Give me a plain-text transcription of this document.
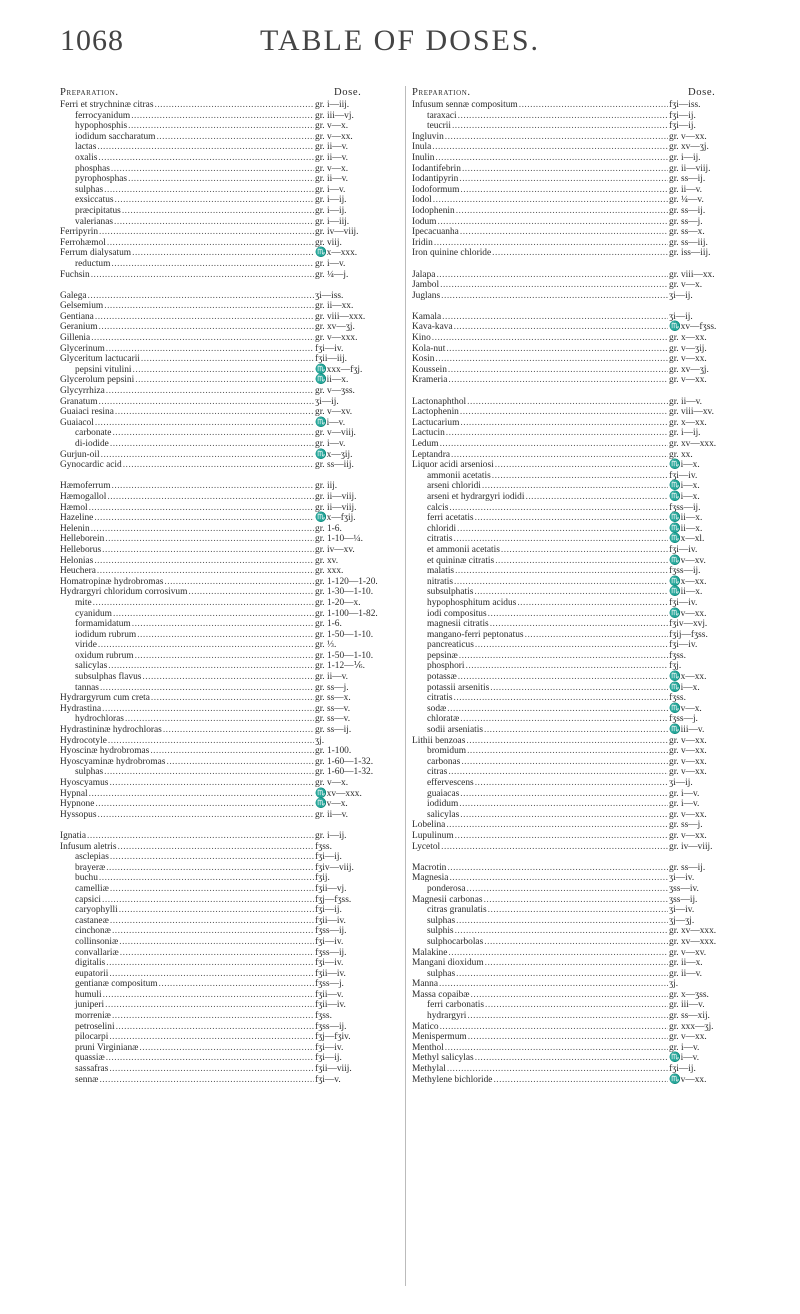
1068	TABLE OF DOSES.
Preparation.	Dose.
Ferri et strychninæ citras .....	gr. i—iij.
ferrocyanidum .....	gr. iii—vj.
hypophosphis .....	gr. v—x.
iodidum saccharatum .....	gr. v—xx.
lactas .....	gr. ii—v.
oxalis .....	gr. ii—v.
phosphas .....	gr. v—x.
pyrophosphas .....	gr. ii—v.
sulphas .....	gr. i—v.
exsiccatus .....	gr. i—ij.
præcipitatus .....	gr. i—ij.
valerianas .....	gr. i—iij.
Ferripyrin .....	gr. iv—viij.
Ferrohæmol .....	gr. viij.
Ferrum dialysatum .....	♏x—xxx.
reductum .....	gr. i—v.
Fuchsin .....	gr. ¼—j.
Galega .....	ʒi—iss.
Gelsemium .....	gr. ii—xx.
Gentiana .....	gr. viii—xxx.
Geranium .....	gr. xv—ʒj.
Gillenia .....	gr. v—xxx.
Glycerinum .....	fʒi—iv.
Glyceritum lactucarii .....	fʒii—iij.
pepsini vitulini .....	♏xxx—fʒj.
Glycerolum pepsini .....	♏ii—x.
Glycyrrhiza .....	gr. v—ʒss.
Granatum .....	ʒi—ij.
Guaiaci resina .....	gr. v—xv.
Guaiacol .....	♏i—v.
carbonate .....	gr. v—viij.
di-iodide .....	gr. i—v.
Gurjun-oil .....	♏x—ʒij.
Gynocardic acid .....	gr. ss—iij.
Hæmoferrum .....	gr. iij.
Hæmogallol .....	gr. ii—viij.
Hæmol .....	gr. ii—viij.
Hazeline .....	♏x—fʒij.
Helenin .....	gr. 1-6.
Helleborein .....	gr. 1-10—¼.
Helleborus .....	gr. iv—xv.
Helonias .....	gr. xv.
Heuchera .....	gr. xxx.
Homatropinæ hydrobromas .....	gr. 1-120—1-20.
Hydrargyri chloridum corrosivum .....	gr. 1-30—1-10.
mite .....	gr. 1-20—x.
cyanidum .....	gr. 1-100—1-82.
formamidatum .....	gr. 1-6.
iodidum rubrum .....	gr. 1-50—1-10.
viride .....	gr. ⅓.
oxidum rubrum .....	gr. 1-50—1-10.
salicylas .....	gr. 1-12—⅙.
subsulphas flavus .....	gr. ii—v.
tannas .....	gr. ss—j.
Hydrargyrum cum creta .....	gr. ss—x.
Hydrastina .....	gr. ss—v.
hydrochloras .....	gr. ss—v.
Hydrastininæ hydrochloras .....	gr. ss—ij.
Hydrocotyle .....	ʒj.
Hyoscinæ hydrobromas .....	gr. 1-100.
Hyoscyaminæ hydrobromas .....	gr. 1-60—1-32.
sulphas .....	gr. 1-60—1-32.
Hyoscyamus .....	gr. v—x.
Hypnal .....	♏xv—xxx.
Hypnone .....	♏v—x.
Hyssopus .....	gr. ii—v.
Ignatia .....	gr. i—ij.
Infusum aletris .....	fʒss.
asclepias .....	fʒi—ij.
brayeræ .....	fʒiv—viij.
buchu .....	fʒij.
camelliæ .....	fʒii—vj.
capsici .....	fʒj—fʒss.
caryophylli .....	fʒi—ij.
castaneæ .....	fʒii—iv.
cinchonæ .....	fʒss—ij.
collinsoniæ .....	fʒi—iv.
convallariæ .....	fʒss—ij.
digitalis .....	fʒi—iv.
eupatorii .....	fʒii—iv.
gentianæ compositum .....	fʒss—j.
humuli .....	fʒii—v.
juniperi .....	fʒii—iv.
morreniæ .....	fʒss.
petroselini .....	fʒss—ij.
pilocarpi .....	fʒj—fʒiv.
pruni Virginianæ .....	fʒi—iv.
quassiæ .....	fʒi—ij.
sassafras .....	fʒii—viij.
sennæ .....	fʒi—v.
Preparation.	Dose.
Infusum sennæ compositum .....	fʒi—iss.
taraxaci .....	fʒi—ij.
teucrii .....	fʒi—ij.
Ingluvin .....	gr. v—xx.
Inula .....	gr. xv—ʒj.
Inulin .....	gr. i—ij.
Iodantifebrin .....	gr. ii—viij.
Iodantipyrin .....	gr. ss—ij.
Iodoformum .....	gr. ii—v.
Iodol .....	gr. ¼—v.
Iodophenin .....	gr. ss—ij.
Iodum .....	gr. ss—j.
Ipecacuanha .....	gr. ss—x.
Iridin .....	gr. ss—iij.
Iron quinine chloride .....	gr. iss—iij.
Jalapa .....	gr. viii—xx.
Jambol .....	gr. v—x.
Juglans .....	ʒi—ij.
Kamala .....	ʒi—ij.
Kava-kava .....	♏xv—fʒss.
Kino .....	gr. x—xx.
Kola-nut .....	gr. v—ʒij.
Kosin .....	gr. v—xx.
Koussein .....	gr. xv—ʒj.
Krameria .....	gr. v—xx.
Lactonaphthol .....	gr. ii—v.
Lactophenin .....	gr. viii—xv.
Lactucarium .....	gr. x—xx.
Lactucin .....	gr. i—ij.
Ledum .....	gr. xv—xxx.
Leptandra .....	gr. xx.
Liquor acidi arseniosi .....	♏i—x.
ammonii acetatis .....	fʒi—iv.
arseni chloridi .....	♏i—x.
arseni et hydrargyri iodidi .....	♏i—x.
calcis .....	fʒss—ij.
ferri acetatis .....	♏ii—x.
chloridi .....	♏ii—x.
citratis .....	♏x—xl.
et ammonii acetatis .....	fʒi—iv.
et quininæ citratis .....	♏v—xv.
malatis .....	fʒss—ij.
nitratis .....	♏x—xx.
subsulphatis .....	♏ii—x.
hypophosphitum acidus .....	fʒi—iv.
iodi compositus .....	♏v—xx.
magnesii citratis .....	fʒiv—xvj.
mangano-ferri peptonatus .....	fʒij—fʒss.
pancreaticus .....	fʒi—iv.
pepsinæ .....	fʒss.
phosphori .....	fʒj.
potassæ .....	♏x—xx.
potassii arsenitis .....	♏i—x.
citratis .....	fʒss.
sodæ .....	♏v—x.
chloratæ .....	fʒss—j.
sodii arseniatis .....	♏iii—v.
Lithii benzoas .....	gr. v—xx.
bromidum .....	gr. v—xx.
carbonas .....	gr. v—xx.
citras .....	gr. v—xx.
effervescens .....	ʒi—ij.
guaiacas .....	gr. i—v.
iodidum .....	gr. i—v.
salicylas .....	gr. v—xx.
Lobelina .....	gr. ss—j.
Lupulinum .....	gr. v—xx.
Lycetol .....	gr. iv—viij.
Macrotin .....	gr. ss—ij.
Magnesia .....	ʒi—iv.
ponderosa .....	ʒss—iv.
Magnesii carbonas .....	ʒss—ij.
citras granulatis .....	ʒi—iv.
sulphas .....	ʒj—ʒj.
sulphis .....	gr. xv—xxx.
sulphocarbolas .....	gr. xv—xxx.
Malakine .....	gr. v—xv.
Mangani dioxidum .....	gr. ii—x.
sulphas .....	gr. ii—v.
Manna .....	ʒj.
Massa copaibæ .....	gr. x—ʒss.
ferri carbonatis .....	gr. iii—v.
hydrargyri .....	gr. ss—xij.
Matico .....	gr. xxx—ʒj.
Menispermum .....	gr. v—xx.
Menthol .....	gr. i—v.
Methyl salicylas .....	♏i—v.
Methylal .....	fʒi—ij.
Methylene bichloride .....	♏v—xx.
